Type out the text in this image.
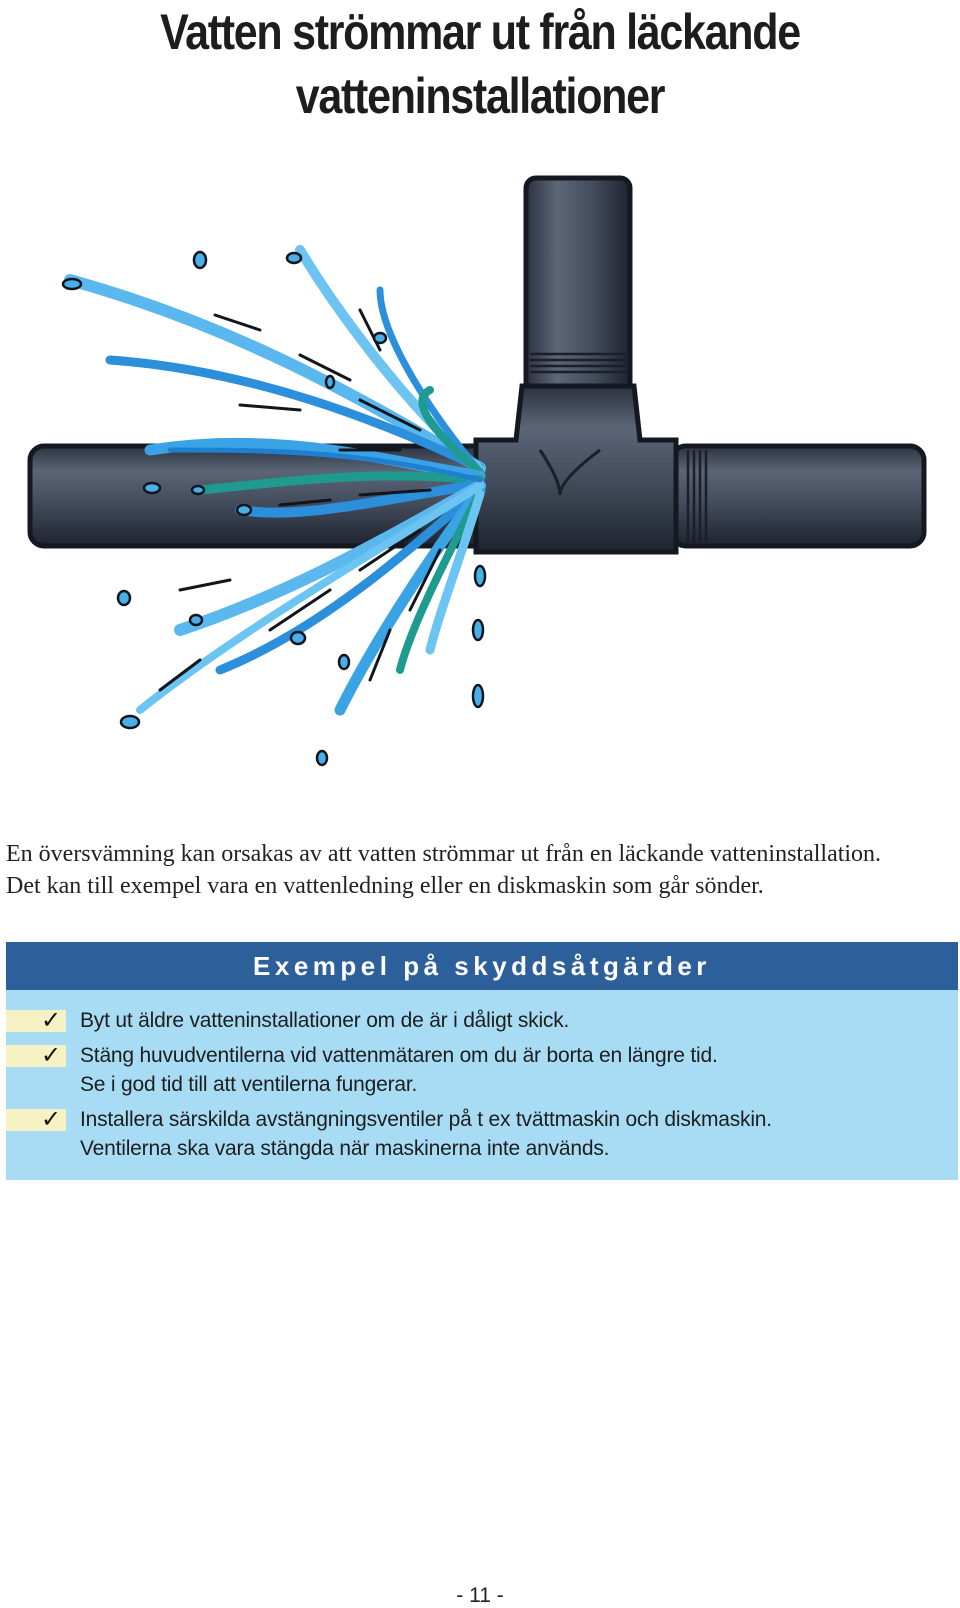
Vatten strömmar ut från läckande
vatteninstallationer

En översvämning kan orsakas av att vatten strömmar ut från en läckande vatteninstallation.
Det kan till exempel vara en vattenledning eller en diskmaskin som går sönder.

Exempel på skyddsåtgärder
✓ Byt ut äldre vatteninstallationer om de är i dåligt skick.
✓ Stäng huvudventilerna vid vattenmätaren om du är borta en längre tid.
Se i god tid till att ventilerna fungerar.
✓ Installera särskilda avstängningsventiler på t ex tvättmaskin och diskmaskin.
Ventilerna ska vara stängda när maskinerna inte används.
- 11 -
